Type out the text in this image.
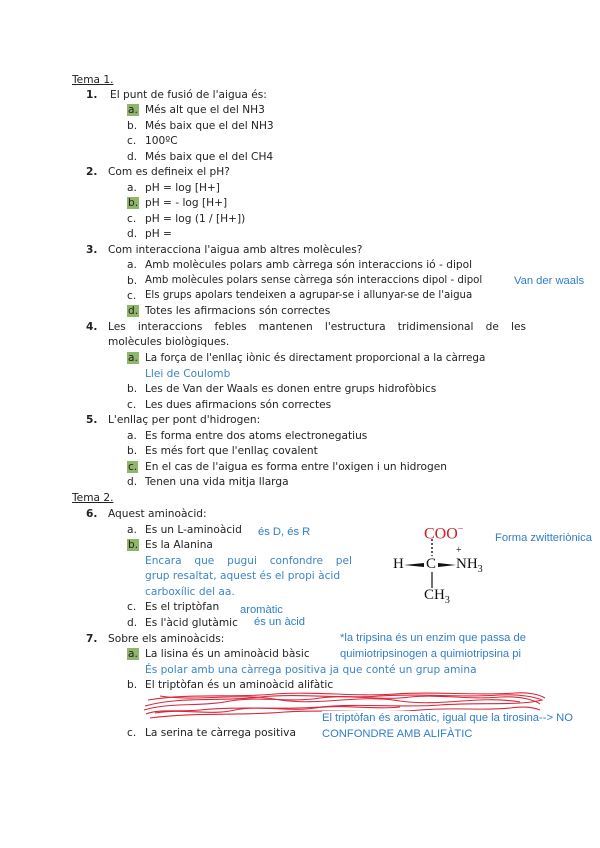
Tema 1.
1. El punt de fusió de l'aigua és:
a. Més alt que el del NH3
b. Més baix que el del NH3
c. 100ºC
d. Més baix que el del CH4
2. Com es defineix el pH?
a. pH = log [H+]
b. pH = - log [H+]
c. pH = log (1 / [H+])
d. pH =
3. Com interacciona l'aigua amb altres molècules?
a. Amb molècules polars amb càrrega són interaccions ió - dipol
b. Amb molècules polars sense càrrega són interaccions dipol - dipol	Van der waals
c. Els grups apolars tendeixen a agrupar-se i allunyar-se de l'aigua
d. Totes les afirmacions són correctes
4. Les interaccions febles mantenen l'estructura tridimensional de les
molècules biològiques.
a. La força de l'enllaç iònic és directament proporcional a la càrrega
Llei de Coulomb
b. Les de Van der Waals es donen entre grups hidrofòbics
c. Les dues afirmacions són correctes
5. L'enllaç per pont d'hidrogen:
a. Es forma entre dos atoms electronegatius
b. Es més fort que l'enllaç covalent
c. En el cas de l'aigua es forma entre l'oxigen i un hidrogen
d. Tenen una vida mitja llarga
Tema 2.
6. Aquest aminoàcid:
a. Es un L-aminoàcid és D, és R
b. Es la Alanina
Encara que pugui confondre pel
grup resaltat, aquest és el propi àcid
carboxílic del aa.
c. Es el triptòfan aromàtic
d. Es l'àcid glutàmic és un àcid
Forma zwitteriònica
COO−
H C $NH_3$
+
$CH_3$
7. Sobre els aminoàcids:	*la tripsina és un enzim que passa de
quimiotripsinogen a quimiotripsina pi
a. La lisina és un aminoàcid bàsic
És polar amb una càrrega positiva ja que conté un grup amina
b. El triptòfan és un aminoàcid alifàtic
El triptòfan és aromàtic, igual que la tirosina--> NO
CONFONDRE AMB ALIFÀTIC
c. La serina te càrrega positiva
